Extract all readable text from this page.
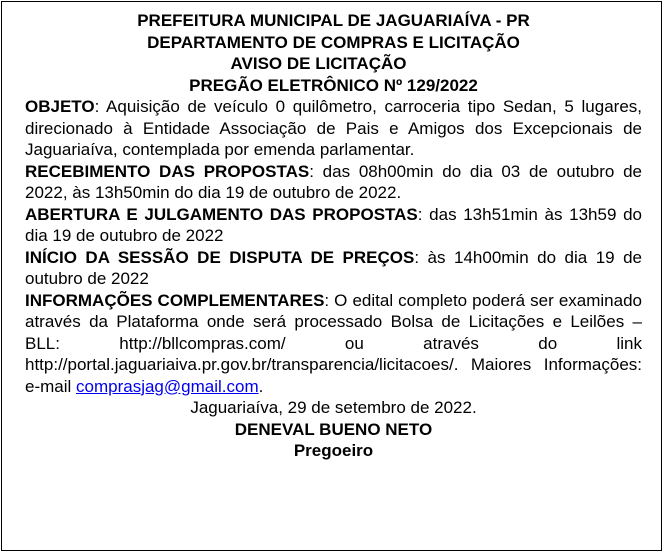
PREFEITURA MUNICIPAL DE JAGUARIAÍVA - PR
DEPARTAMENTO DE COMPRAS E LICITAÇÃO
AVISO DE LICITAÇÃO
PREGÃO ELETRÔNICO Nº 129/2022
OBJETO: Aquisição de veículo 0 quilômetro, carroceria tipo Sedan, 5 lugares, direcionado à Entidade Associação de Pais e Amigos dos Excepcionais de Jaguariaíva, contemplada por emenda parlamentar.
RECEBIMENTO DAS PROPOSTAS: das 08h00min do dia 03 de outubro de 2022, às 13h50min do dia 19 de outubro de 2022.
ABERTURA E JULGAMENTO DAS PROPOSTAS: das 13h51min às 13h59 do dia 19 de outubro de 2022
INÍCIO DA SESSÃO DE DISPUTA DE PREÇOS: às 14h00min do dia 19 de outubro de 2022
INFORMAÇÕES COMPLEMENTARES: O edital completo poderá ser examinado através da Plataforma onde será processado Bolsa de Licitações e Leilões – BLL: http://bllcompras.com/ ou através do link http://portal.jaguariaiva.pr.gov.br/transparencia/licitacoes/. Maiores Informações: e-mail comprasjag@gmail.com.
Jaguariaíva, 29 de setembro de 2022.
DENEVAL BUENO NETO
Pregoeiro
